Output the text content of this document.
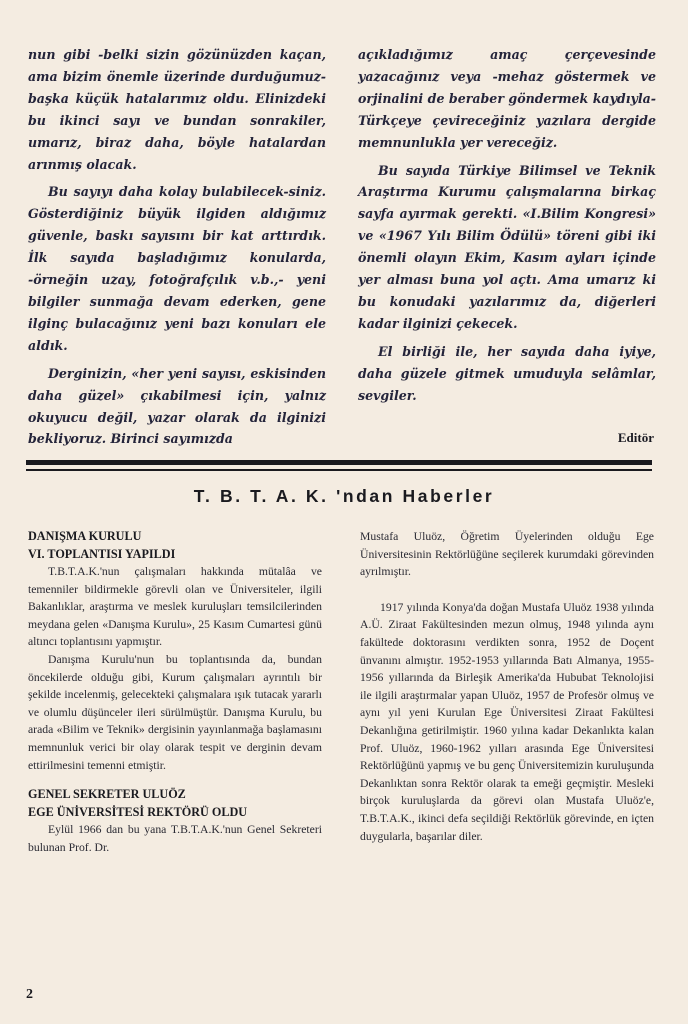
nun gibi -belki sizin gözünüzden kaçan, ama bizim önemle üzerinde durduğumuz- başka küçük hatalarımız oldu. Elinizdeki bu ikinci sayı ve bundan sonrakiler, umarız, biraz daha, böyle hatalardan arınmış olacak.

Bu sayıyı daha kolay bulabilecek-siniz. Gösterdiğiniz büyük ilgiden aldığımız güvenle, baskı sayısını bir kat arttırdık. İlk sayıda başladığımız konularda, -örneğin uzay, fotoğrafçılık v.b.,- yeni bilgiler sunmağa devam ederken, gene ilginç bulacağınız yeni bazı konuları ele aldık.

Derginizin, «her yeni sayısı, eskisinden daha güzel» çıkabilmesi için, yalnız okuyucu değil, yazar olarak da ilginizi bekliyoruz. Birinci sayımızda

açıkladığımız amaç çerçevesinde yazacağınız veya -mehaz göstermek ve orjinalini de beraber göndermek kaydıyla- Türkçeye çevireceğiniz yazılara dergide memnunlukla yer vereceğiz.

Bu sayıda Türkiye Bilimsel ve Teknik Araştırma Kurumu çalışmalarına birkaç sayfa ayırmak gerekti. «I.Bilim Kongresi» ve «1967 Yılı Bilim Ödülü» töreni gibi iki önemli olayın Ekim, Kasım ayları içinde yer alması buna yol açtı. Ama umarız ki bu konudaki yazılarımız da, diğerleri kadar ilginizi çekecek.

El birliği ile, her sayıda daha iyiye, daha güzele gitmek umuduyla selâmlar, sevgiler.

Editör
T. B. T. A. K. 'ndan Haberler
DANIŞMA KURULU
VI. TOPLANTISI YAPILDI

T.B.T.A.K.'nun çalışmaları hakkında mütalâa ve temenniler bildirmekle görevli olan ve Üniversiteler, ilgili Bakanlıklar, araştırma ve meslek kuruluşları temsilcilerinden meydana gelen «Danışma Kurulu», 25 Kasım Cumartesi günü altıncı toplantısını yapmıştır.

Danışma Kurulu'nun bu toplantısında da, bundan öncekilerde olduğu gibi, Kurum çalışmaları ayrıntılı bir şekilde incelenmiş, gelecekteki çalışmalara ışık tutacak yararlı ve olumlu düşünceler ileri sürülmüştür. Danışma Kurulu, bu arada «Bilim ve Teknik» dergisinin yayınlanmağa başlamasını memnunluk verici bir olay olarak tespit ve derginin devam ettirilmesini temenni etmiştir.

GENEL SEKRETER ULUÖZ
EGE ÜNİVERSİTESİ REKTÖRÜ OLDU

Eylül 1966 dan bu yana T.B.T.A.K.'nun Genel Sekreteri bulunan Prof. Dr.

Mustafa Uluöz, Öğretim Üyelerinden olduğu Ege Üniversitesinin Rektörlüğüne seçilerek kurumdaki görevinden ayrılmıştır.

1917 yılında Konya'da doğan Mustafa Uluöz 1938 yılında A.Ü. Ziraat Fakültesinden mezun olmuş, 1948 yılında aynı fakültede doktorasını verdikten sonra, 1952 de Doçent ünvanını almıştır. 1952-1953 yıllarında Batı Almanya, 1955-1956 yıllarında da Birleşik Amerika'da Hububat Teknolojisi ile ilgili araştırmalar yapan Uluöz, 1957 de Profesör olmuş ve aynı yıl yeni Kurulan Ege Üniversitesi Ziraat Fakültesi Dekanlığına getirilmiştir. 1960 yılına kadar Dekanlıkta kalan Prof. Uluöz, 1960-1962 yılları arasında Ege Üniversitesi Rektörlüğünü yapmış ve bu genç Üniversitemizin kuruluşunda Dekanlıktan sonra Rektör olarak ta emeği geçmiştir. Mesleki birçok kuruluşlarda da görevi olan Mustafa Uluöz'e, T.B.T.A.K., ikinci defa seçildiği Rektörlük görevinde, en içten duygularla, başarılar diler.

2
